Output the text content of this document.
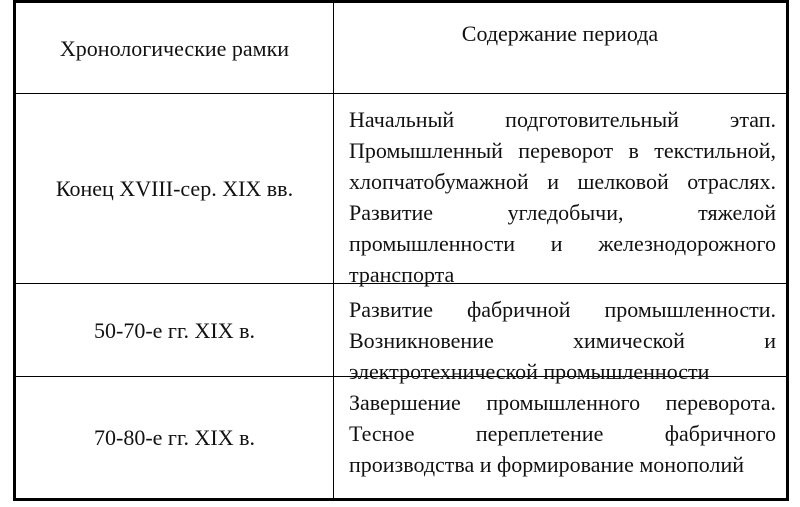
Хронологические рамки
Содержание периода
Конец XVIII-сер. XIX вв.
Начальный подготовительный этап. Промышленный переворот в текстильной, хлопчатобумажной и шелковой отраслях. Развитие угледобычи, тяжелой промышленности и железнодорожного транспорта
50-70-е гг. XIX в.
Развитие фабричной промышленности. Возникновение химической и электротехнической промышленности
70-80-е гг. XIX в.
Завершение промышленного переворота. Тесное переплетение фабричного производства и формирование монополий
